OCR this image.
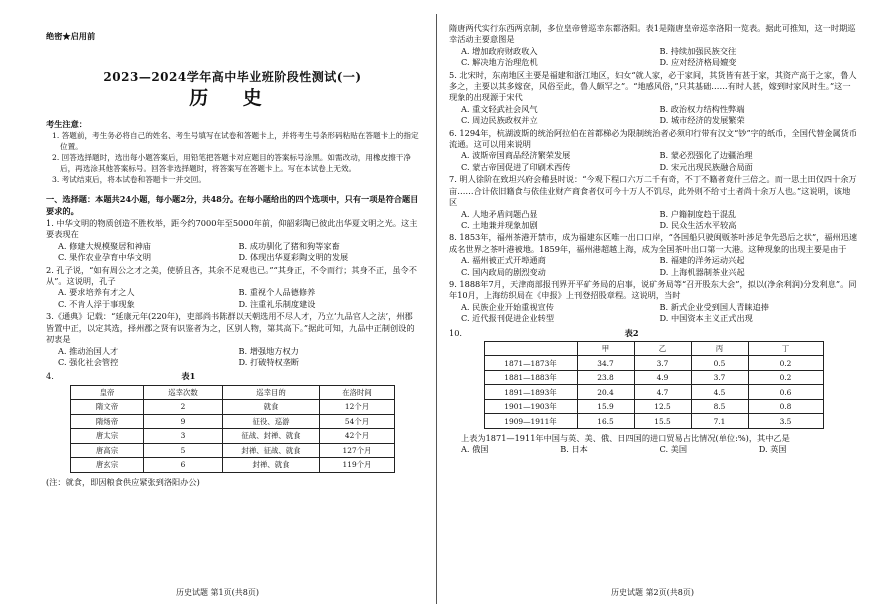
绝密★启用前
2023—2024学年高中毕业班阶段性测试(一)
历 史
考生注意：
1. 答题前，考生务必将自己的姓名、考生号填写在试卷和答题卡上，并将考生号条形码粘贴在答题卡上的指定位置。
2. 回答选择题时，选出每小题答案后，用铅笔把答题卡对应题目的答案标号涂黑。如需改动，用橡皮擦干净后，再选涂其他答案标号。回答非选择题时，将答案写在答题卡上。写在本试卷上无效。
3. 考试结束后，将本试卷和答题卡一并交回。
一、选择题：本题共24小题，每小题2分，共48分。在每小题给出的四个选项中，只有一项是符合题目要求的。
1. 中华文明的物质创造不胜枚举，距今约7000年至5000年前，仰韶彩陶已彼此出华夏文明之光。这主要表现在
A. 修建大规模聚居和神庙	B. 成功驯化了猪和狗等家畜
C. 果作农业孕育中华文明	D. 体现出华夏彩陶文明的发展
2. 孔子说，“如有周公之才之美，使骄且吝，其余不足观也已。”“其身正，不令而行；其身不正，虽令不从”。这说明，孔子
A. 要求培养有才之人	B. 重视个人品德修养
C. 不肯人浮于事现象	D. 注重礼乐制度建设
3.《通典》记载：“延康元年(220年)，吏部尚书陈群以天朝选用不尽人才，乃立‘九品官人之法’，州郡皆置中正，以定其选，择州郡之贤有识鉴者为之，区别人物，第其高下。”据此可知，九品中正制创设的初衷是
A. 推动治国人才	B. 增强地方权力
C. 强化社会管控	D. 打破特权垄断
4.	表1
皇帝	巡幸次数	巡幸目的	在洛时间
隋文帝	2	就食	12个月
隋炀帝	9	征役、巡游	54个月
唐太宗	3	征战、封禅、就食	42个月
唐高宗	5	封禅、征战、就食	127个月
唐玄宗	6	封禅、就食	119个月
(注：就食，即因粮食供应紧张到洛阳办公)
历史试题 第1页(共8页)
隋唐两代实行东西两京制，多位皇帝曾巡幸东都洛阳。表1是隋唐皇帝巡幸洛阳一览表。据此可推知，这一时期巡幸活动主要意图是
A. 增加政府财政收入	B. 持续加强民族交往
C. 解决地方治理危机	D. 应对经济格局嬗变
5. 北宋时，东南地区主要是福建和浙江地区，妇女“就人家，必于家间，其货皆有甚于家，其资产高于之家，鲁人多之，主要以其多嫁奁，风俗至此，鲁人颇罕之”。“地感风俗，”只其基础……有时人甚，嫁到时家风时生。”这一现象的出现源于宋代
A. 重文轻武社会风气	B. 政治权力结构性弊端
C. 周边民族政权并立	D. 城市经济的发展繁荣
6. 1294年，杭湖波斯的统治阿拉伯在首都梯必为限制统治者必须印行带有汉文“钞”字的纸币，全国代替金属货币流通。这可以用来说明
A. 波斯帝国商品经济繁荣发展	B. 蒙必烈强化了边疆治理
C. 蒙古帝国促进了印刷术西传	D. 宋元出现民族融合局面
7. 明人徐阶在致坦兴府会稽县时说：“今观下程口六万二千有奇，不丁不籍者竟什三倍之。而一思土田仅四十余万亩……合计依旧籍食与依佳业财产商食者仅可今十万人不饥尽，此外则不给寸土者尚十余万人也。”这说明，该地区
A. 人地矛盾问题凸显	B. 户籍制度趋于混乱
C. 土地兼并现象加剧	D. 民众生活水平较高
8. 1853年，福州茶港开禁市，成为福建东区唯一出口口岸，“各国船只驶闽贩茶叶涉足争先恐后之状”，福州迅速成名世界之茶叶港被地。1859年，福州港超越上海，成为全国茶叶出口第一大港。这种现象的出现主要是由于
A. 福州被正式开埠通商	B. 福建的洋务运动兴起
C. 国内政局的剧烈变动	D. 上海机器制茶业兴起
9. 1888年7月，天津商部报刊界开平矿务局的启事，说矿务局等“召开股东大会”，拟以(净余利润)分发利息”。同年10月，上海纺织局在《申报》上刊登招股章程。这说明，当时
A. 民族企业开始重视宣传	B. 新式企业受到国人青睐追捧
C. 近代报刊促进企业转型	D. 中国资本主义正式出现
10.	表2
	甲	乙	丙	丁
1871—1873年	34.7	3.7	0.5	0.2
1881—1883年	23.8	4.9	3.7	0.2
1891—1893年	20.4	4.7	4.5	0.6
1901—1903年	15.9	12.5	8.5	0.8
1909—1911年	16.5	15.5	7.1	3.5
上表为1871—1911年中国与英、美、俄、日四国的进口贸易占比情况(单位:%)，其中乙是
A. 俄国	B. 日本	C. 美国	D. 英国
历史试题 第2页(共8页)
